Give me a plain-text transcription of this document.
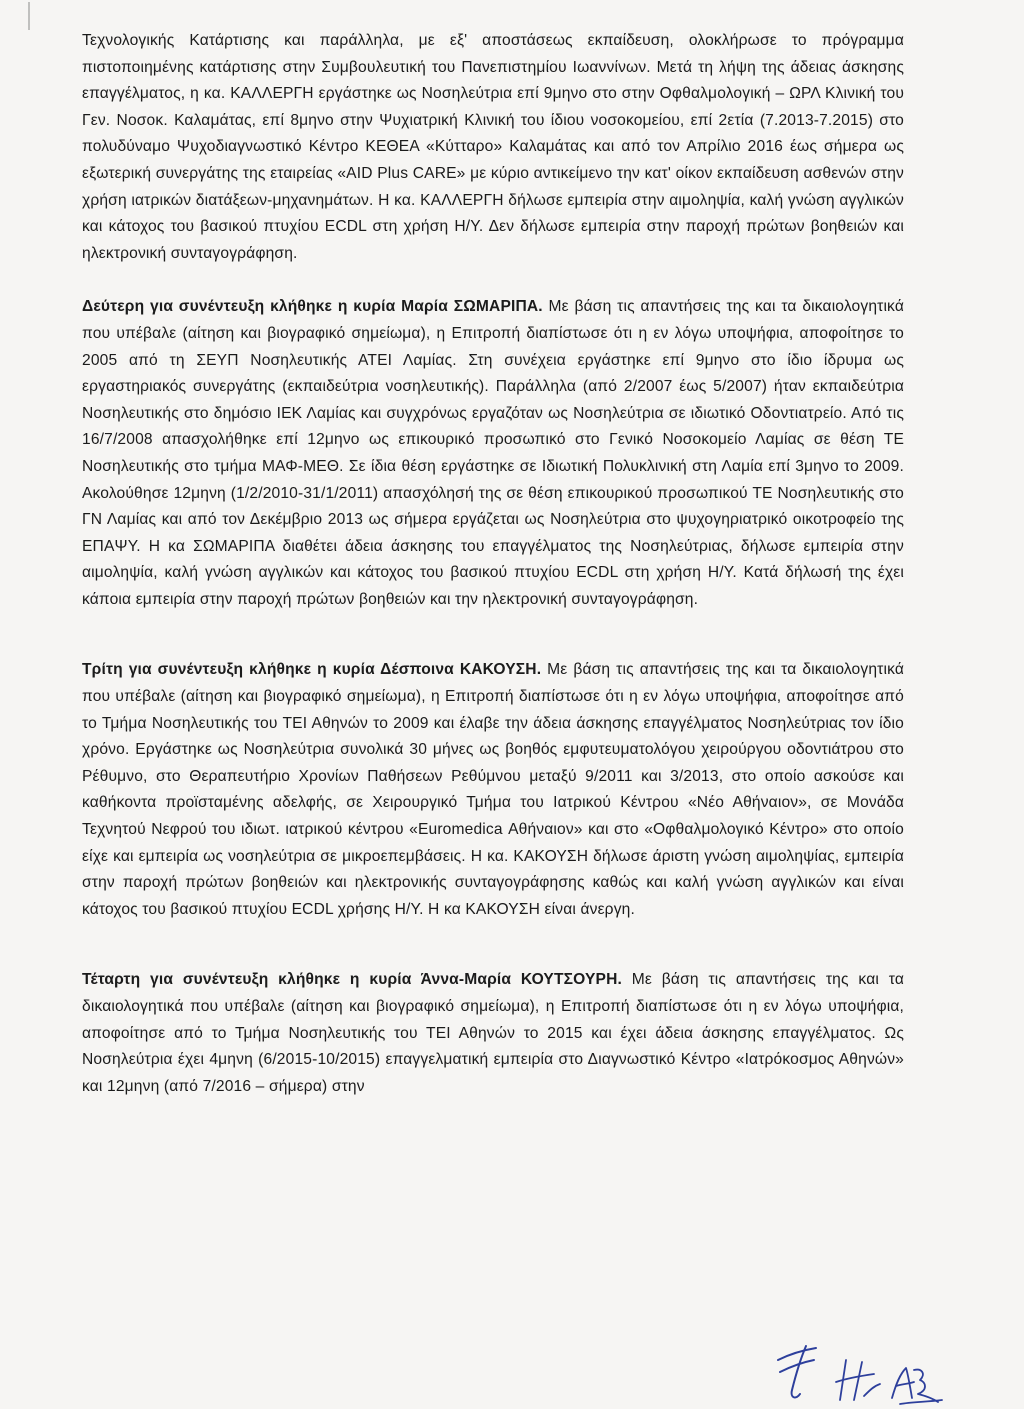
Τεχνολογικής Κατάρτισης και παράλληλα, με εξ' αποστάσεως εκπαίδευση, ολοκλήρωσε το πρόγραμμα πιστοποιημένης κατάρτισης στην Συμβουλευτική του Πανεπιστημίου Ιωαννίνων. Μετά τη λήψη της άδειας άσκησης επαγγέλματος, η κα. ΚΑΛΛΕΡΓΗ εργάστηκε ως Νοσηλεύτρια επί 9μηνο στο στην Οφθαλμολογική – ΩΡΛ Κλινική του Γεν. Νοσοκ. Καλαμάτας, επί 8μηνο στην Ψυχιατρική Κλινική του ίδιου νοσοκομείου, επί 2ετία (7.2013-7.2015) στο πολυδύναμο Ψυχοδιαγνωστικό Κέντρο ΚΕΘΕΑ «Κύτταρο» Καλαμάτας και από τον Απρίλιο 2016 έως σήμερα ως εξωτερική συνεργάτης της εταιρείας «AID Plus CARE» με κύριο αντικείμενο την κατ' οίκον εκπαίδευση ασθενών στην χρήση ιατρικών διατάξεων-μηχανημάτων. Η κα. ΚΑΛΛΕΡΓΗ δήλωσε εμπειρία στην αιμοληψία, καλή γνώση αγγλικών και κάτοχος του βασικού πτυχίου ECDL στη χρήση Η/Υ. Δεν δήλωσε εμπειρία στην παροχή πρώτων βοηθειών και ηλεκτρονική συνταγογράφηση.

Δεύτερη για συνέντευξη κλήθηκε η κυρία Μαρία ΣΩΜΑΡΙΠΑ. Με βάση τις απαντήσεις της και τα δικαιολογητικά που υπέβαλε (αίτηση και βιογραφικό σημείωμα), η Επιτροπή διαπίστωσε ότι η εν λόγω υποψήφια, αποφοίτησε το 2005 από τη ΣΕΥΠ Νοσηλευτικής ΑΤΕΙ Λαμίας. Στη συνέχεια εργάστηκε επί 9μηνο στο ίδιο ίδρυμα ως εργαστηριακός συνεργάτης (εκπαιδεύτρια νοσηλευτικής). Παράλληλα (από 2/2007 έως 5/2007) ήταν εκπαιδεύτρια Νοσηλευτικής στο δημόσιο ΙΕΚ Λαμίας και συγχρόνως εργαζόταν ως Νοσηλεύτρια σε ιδιωτικό Οδοντιατρείο. Από τις 16/7/2008 απασχολήθηκε επί 12μηνο ως επικουρικό προσωπικό στο Γενικό Νοσοκομείο Λαμίας σε θέση ΤΕ Νοσηλευτικής στο τμήμα ΜΑΦ-ΜΕΘ. Σε ίδια θέση εργάστηκε σε Ιδιωτική Πολυκλινική στη Λαμία επί 3μηνο το 2009. Ακολούθησε 12μηνη (1/2/2010-31/1/2011) απασχόλησή της σε θέση επικουρικού προσωπικού ΤΕ Νοσηλευτικής στο ΓΝ Λαμίας και από τον Δεκέμβριο 2013 ως σήμερα εργάζεται ως Νοσηλεύτρια στο ψυχογηριατρικό οικοτροφείο της ΕΠΑΨΥ. Η κα ΣΩΜΑΡΙΠΑ διαθέτει άδεια άσκησης του επαγγέλματος της Νοσηλεύτριας, δήλωσε εμπειρία στην αιμοληψία, καλή γνώση αγγλικών και κάτοχος του βασικού πτυχίου ECDL στη χρήση Η/Υ. Κατά δήλωσή της έχει κάποια εμπειρία στην παροχή πρώτων βοηθειών και την ηλεκτρονική συνταγογράφηση.

Τρίτη για συνέντευξη κλήθηκε η κυρία Δέσποινα ΚΑΚΟΥΣΗ. Με βάση τις απαντήσεις της και τα δικαιολογητικά που υπέβαλε (αίτηση και βιογραφικό σημείωμα), η Επιτροπή διαπίστωσε ότι η εν λόγω υποψήφια, αποφοίτησε από το Τμήμα Νοσηλευτικής του ΤΕΙ Αθηνών το 2009 και έλαβε την άδεια άσκησης επαγγέλματος Νοσηλεύτριας τον ίδιο χρόνο. Εργάστηκε ως Νοσηλεύτρια συνολικά 30 μήνες ως βοηθός εμφυτευματολόγου χειρούργου οδοντιάτρου στο Ρέθυμνο, στο Θεραπευτήριο Χρονίων Παθήσεων Ρεθύμνου μεταξύ 9/2011 και 3/2013, στο οποίο ασκούσε και καθήκοντα προϊσταμένης αδελφής, σε Χειρουργικό Τμήμα του Ιατρικού Κέντρου «Νέο Αθήναιον», σε Μονάδα Τεχνητού Νεφρού του ιδιωτ. ιατρικού κέντρου «Euromedica Αθήναιον» και στο «Οφθαλμολογικό Κέντρο» στο οποίο είχε και εμπειρία ως νοσηλεύτρια σε μικροεπεμβάσεις. Η κα. ΚΑΚΟΥΣΗ δήλωσε άριστη γνώση αιμοληψίας, εμπειρία στην παροχή πρώτων βοηθειών και ηλεκτρονικής συνταγογράφησης καθώς και καλή γνώση αγγλικών και είναι κάτοχος του βασικού πτυχίου ECDL χρήσης Η/Υ. Η κα ΚΑΚΟΥΣΗ είναι άνεργη.

Τέταρτη για συνέντευξη κλήθηκε η κυρία Άννα-Μαρία ΚΟΥΤΣΟΥΡΗ. Με βάση τις απαντήσεις της και τα δικαιολογητικά που υπέβαλε (αίτηση και βιογραφικό σημείωμα), η Επιτροπή διαπίστωσε ότι η εν λόγω υποψήφια, αποφοίτησε από το Τμήμα Νοσηλευτικής του ΤΕΙ Αθηνών το 2015 και έχει άδεια άσκησης επαγγέλματος. Ως Νοσηλεύτρια έχει 4μηνη (6/2015-10/2015) επαγγελματική εμπειρία στο Διαγνωστικό Κέντρο «Ιατρόκοσμος Αθηνών» και 12μηνη (από 7/2016 – σήμερα) στην
